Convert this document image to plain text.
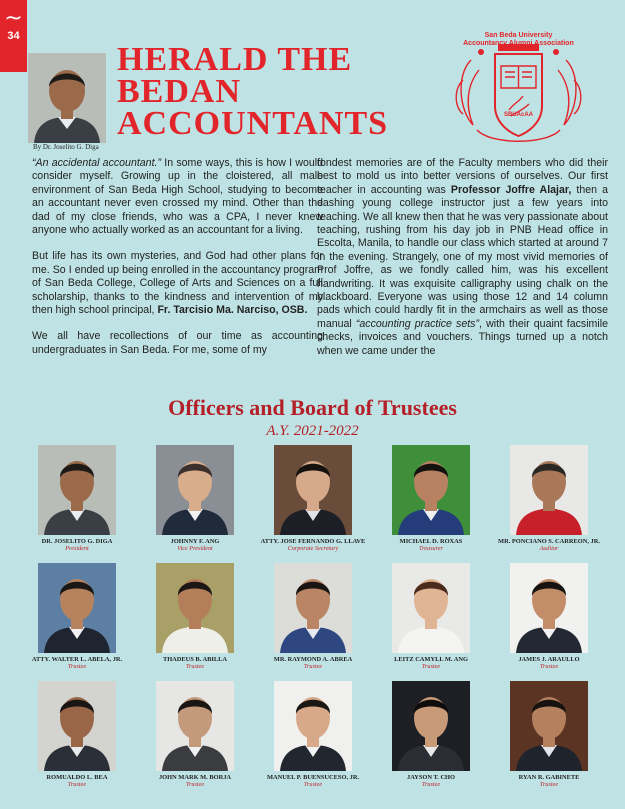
~
34
By Dr. Joselito G. Diga
HERALD THE BEDAN ACCOUNTANTS
San Beda University
Accountancy Alumni Association
SBUAcAA

“An accidental accountant.” In some ways, this is how I would consider myself. Growing up in the cloistered, all male environment of San Beda High School, studying to become an accountant never even crossed my mind. Other than the dad of my close friends, who was a CPA, I never knew anyone who actually worked as an accountant for a living.

But life has its own mysteries, and God had other plans for me. So I ended up being enrolled in the accountancy program of San Beda College, College of Arts and Sciences on a full scholarship, thanks to the kindness and intervention of my then high school principal, Fr. Tarcisio Ma. Narciso, OSB.

We all have recollections of our time as accounting undergraduates in San Beda. For me, some of my

fondest memories are of the Faculty members who did their best to mold us into better versions of ourselves. Our first teacher in accounting was Professor Joffre Alajar, then a dashing young college instructor just a few years into teaching. We all knew then that he was very passionate about teaching, rushing from his day job in PNB Head office in Escolta, Manila, to handle our class which started at around 7 in the evening. Strangely, one of my most vivid memories of Prof Joffre, as we fondly called him, was his excellent handwriting. It was exquisite calligraphy using chalk on the blackboard. Everyone was using those 12 and 14 column pads which could hardly fit in the armchairs as well as those manual “accounting practice sets”, with their quaint facsimile checks, invoices and vouchers. Things turned up a notch when we came under the

Officers and Board of Trustees
A.Y. 2021-2022
DR. JOSELITO G. DIGA
President
JOHNNY F. ANG
Vice President
ATTY. JOSE FERNANDO G. LLAVE
Corporate Secretary
MICHAEL D. ROXAS
Treasurer
MR. PONCIANO S. CARREON, JR.
Auditor
ATTY. WALTER L. ABELA, JR.
Trustee
THADEUS B. ABILLA
Trustee
MR. RAYMOND A. ABREA
Trustee
LEITZ CAMYLL M. ANG
Trustee
JAMES J. ARAULLO
Trustee
ROMUALDO L. BEA
Trustee
JOHN MARK M. BORJA
Trustee
MANUEL P. BUENSUCESO, JR.
Trustee
JAYSON T. CHO
Trustee
RYAN R. GABINETE
Trustee
